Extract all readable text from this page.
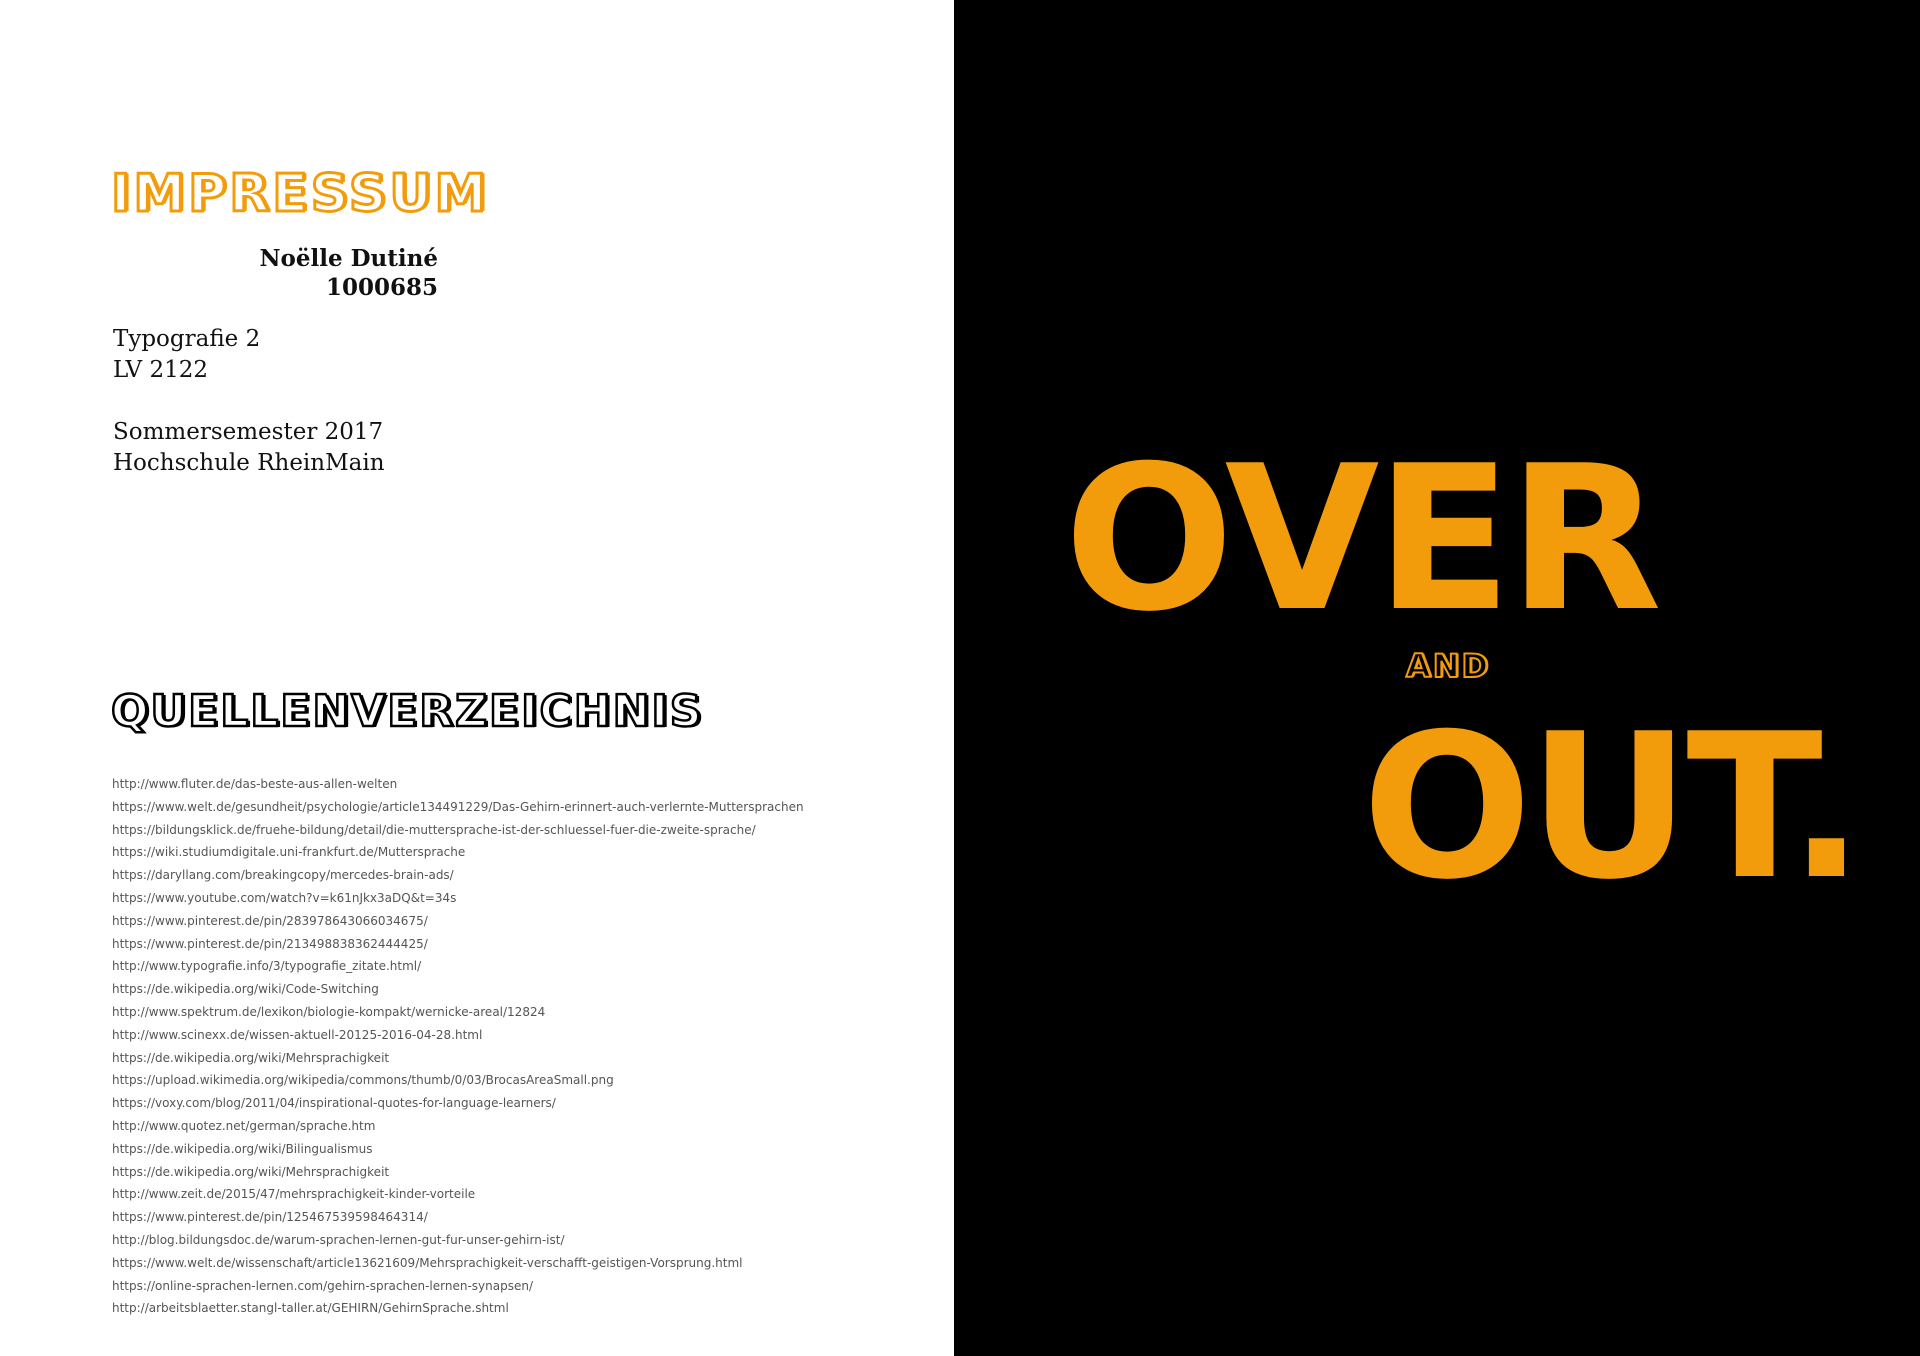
IMPRESSUM
Noëlle Dutiné
1000685
Typografie 2
LV 2122
Sommersemester 2017
Hochschule RheinMain
QUELLENVERZEICHNIS
http://www.fluter.de/das-beste-aus-allen-welten
https://www.welt.de/gesundheit/psychologie/article134491229/Das-Gehirn-erinnert-auch-verlernte-Muttersprachen
https://bildungsklick.de/fruehe-bildung/detail/die-muttersprache-ist-der-schluessel-fuer-die-zweite-sprache/
https://wiki.studiumdigitale.uni-frankfurt.de/Muttersprache
https://daryllang.com/breakingcopy/mercedes-brain-ads/
https://www.youtube.com/watch?v=k61nJkx3aDQ&t=34s
https://www.pinterest.de/pin/283978643066034675/
https://www.pinterest.de/pin/213498838362444425/
http://www.typografie.info/3/typografie_zitate.html/
https://de.wikipedia.org/wiki/Code-Switching
http://www.spektrum.de/lexikon/biologie-kompakt/wernicke-areal/12824
http://www.scinexx.de/wissen-aktuell-20125-2016-04-28.html
https://de.wikipedia.org/wiki/Mehrsprachigkeit
https://upload.wikimedia.org/wikipedia/commons/thumb/0/03/BrocasAreaSmall.png
https://voxy.com/blog/2011/04/inspirational-quotes-for-language-learners/
http://www.quotez.net/german/sprache.htm
https://de.wikipedia.org/wiki/Bilingualismus
https://de.wikipedia.org/wiki/Mehrsprachigkeit
http://www.zeit.de/2015/47/mehrsprachigkeit-kinder-vorteile
https://www.pinterest.de/pin/125467539598464314/
http://blog.bildungsdoc.de/warum-sprachen-lernen-gut-fur-unser-gehirn-ist/
https://www.welt.de/wissenschaft/article13621609/Mehrsprachigkeit-verschafft-geistigen-Vorsprung.html
https://online-sprachen-lernen.com/gehirn-sprachen-lernen-synapsen/
http://arbeitsblaetter.stangl-taller.at/GEHIRN/GehirnSprache.shtml
OVER
AND
OUT.
